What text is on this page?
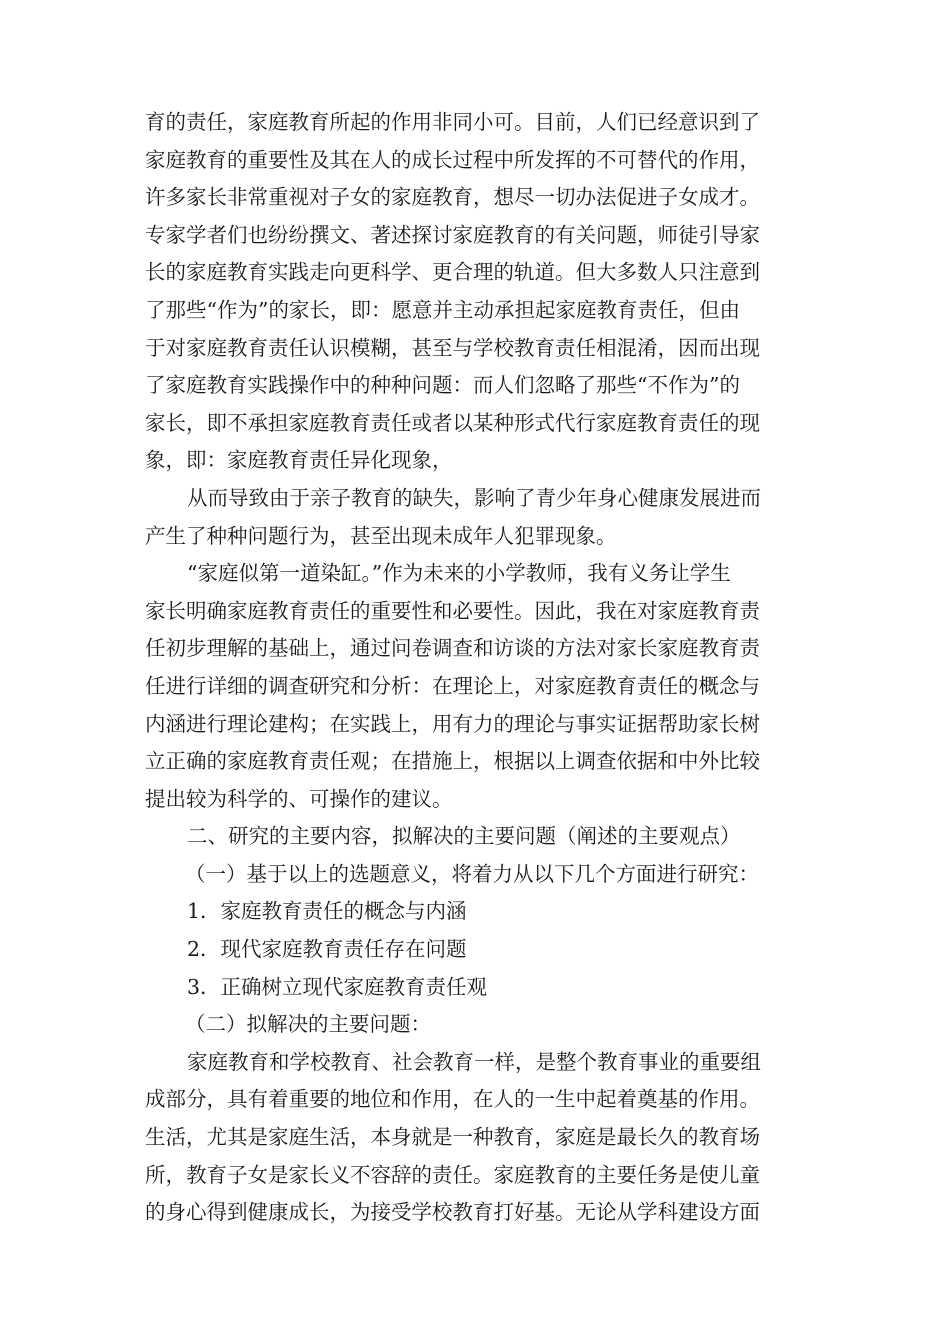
育的责任，家庭教育所起的作用非同小可。目前，人们已经意识到了
家庭教育的重要性及其在人的成长过程中所发挥的不可替代的作用，
许多家长非常重视对子女的家庭教育，想尽一切办法促进子女成才。
专家学者们也纷纷撰文、著述探讨家庭教育的有关问题，师徒引导家
长的家庭教育实践走向更科学、更合理的轨道。但大多数人只注意到
了那些“作为”的家长，即：愿意并主动承担起家庭教育责任，但由
于对家庭教育责任认识模糊，甚至与学校教育责任相混淆，因而出现
了家庭教育实践操作中的种种问题：而人们忽略了那些“不作为”的
家长，即不承担家庭教育责任或者以某种形式代行家庭教育责任的现
象，即：家庭教育责任异化现象，
从而导致由于亲子教育的缺失，影响了青少年身心健康发展进而
产生了种种问题行为，甚至出现未成年人犯罪现象。
“家庭似第一道染缸。”作为未来的小学教师，我有义务让学生
家长明确家庭教育责任的重要性和必要性。因此，我在对家庭教育责
任初步理解的基础上，通过问卷调查和访谈的方法对家长家庭教育责
任进行详细的调查研究和分析：在理论上，对家庭教育责任的概念与
内涵进行理论建构；在实践上，用有力的理论与事实证据帮助家长树
立正确的家庭教育责任观；在措施上，根据以上调查依据和中外比较
提出较为科学的、可操作的建议。
二、研究的主要内容，拟解决的主要问题（阐述的主要观点）
（一）基于以上的选题意义，将着力从以下几个方面进行研究：
1．家庭教育责任的概念与内涵
2．现代家庭教育责任存在问题
3．正确树立现代家庭教育责任观
（二）拟解决的主要问题：
家庭教育和学校教育、社会教育一样，是整个教育事业的重要组
成部分，具有着重要的地位和作用，在人的一生中起着奠基的作用。
生活，尤其是家庭生活，本身就是一种教育，家庭是最长久的教育场
所，教育子女是家长义不容辞的责任。家庭教育的主要任务是使儿童
的身心得到健康成长，为接受学校教育打好基。无论从学科建设方面
